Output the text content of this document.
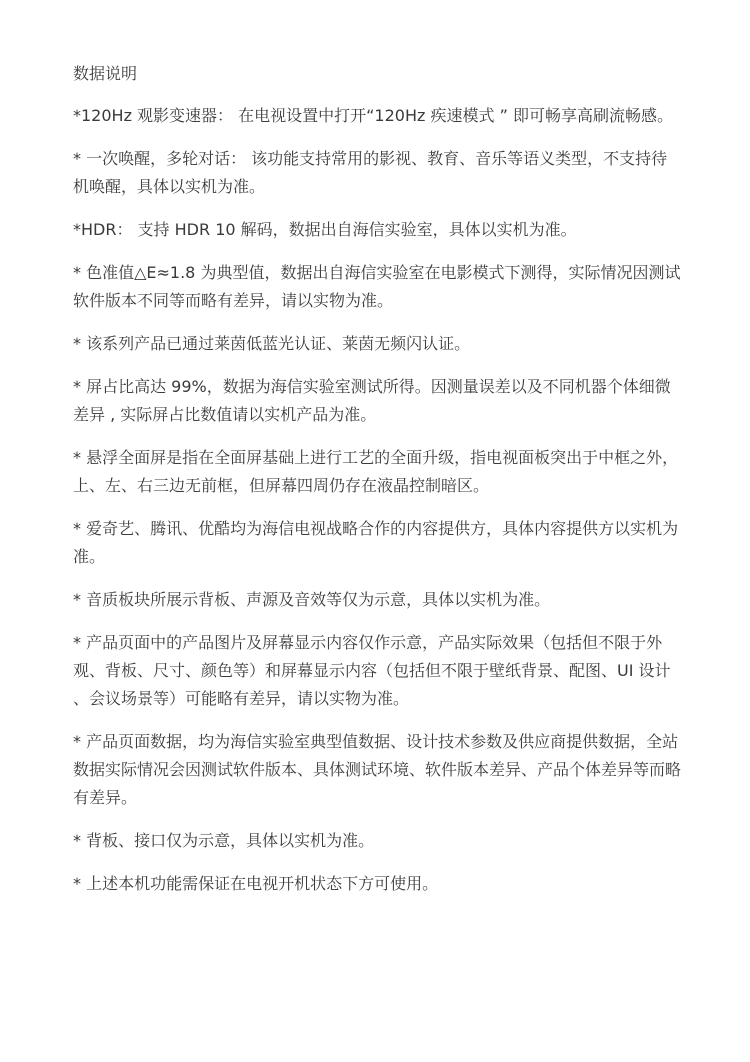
数据说明
*120Hz 观影变速器： 在电视设置中打开“120Hz 疾速模式 ” 即可畅享高刷流畅感。
* 一次唤醒，多轮对话： 该功能支持常用的影视、教育、音乐等语义类型，不支持待机唤醒，具体以实机为准。
*HDR： 支持 HDR 10 解码，数据出自海信实验室，具体以实机为准。
* 色准值△E≈1.8 为典型值，数据出自海信实验室在电影模式下测得，实际情况因测试软件版本不同等而略有差异，请以实物为准。
* 该系列产品已通过莱茵低蓝光认证、莱茵无频闪认证。
* 屏占比高达 99%，数据为海信实验室测试所得。因测量误差以及不同机器个体细微差异 , 实际屏占比数值请以实机产品为准。
* 悬浮全面屏是指在全面屏基础上进行工艺的全面升级，指电视面板突出于中框之外，上、左、右三边无前框，但屏幕四周仍存在液晶控制暗区。
* 爱奇艺、腾讯、优酷均为海信电视战略合作的内容提供方，具体内容提供方以实机为准。
* 音质板块所展示背板、声源及音效等仅为示意，具体以实机为准。
* 产品页面中的产品图片及屏幕显示内容仅作示意，产品实际效果（包括但不限于外观、背板、尺寸、颜色等）和屏幕显示内容（包括但不限于壁纸背景、配图、UI 设计 、会议场景等）可能略有差异，请以实物为准。
* 产品页面数据，均为海信实验室典型值数据、设计技术参数及供应商提供数据，全站数据实际情况会因测试软件版本、具体测试环境、软件版本差异、产品个体差异等而略有差异。
* 背板、接口仅为示意，具体以实机为准。
* 上述本机功能需保证在电视开机状态下方可使用。
